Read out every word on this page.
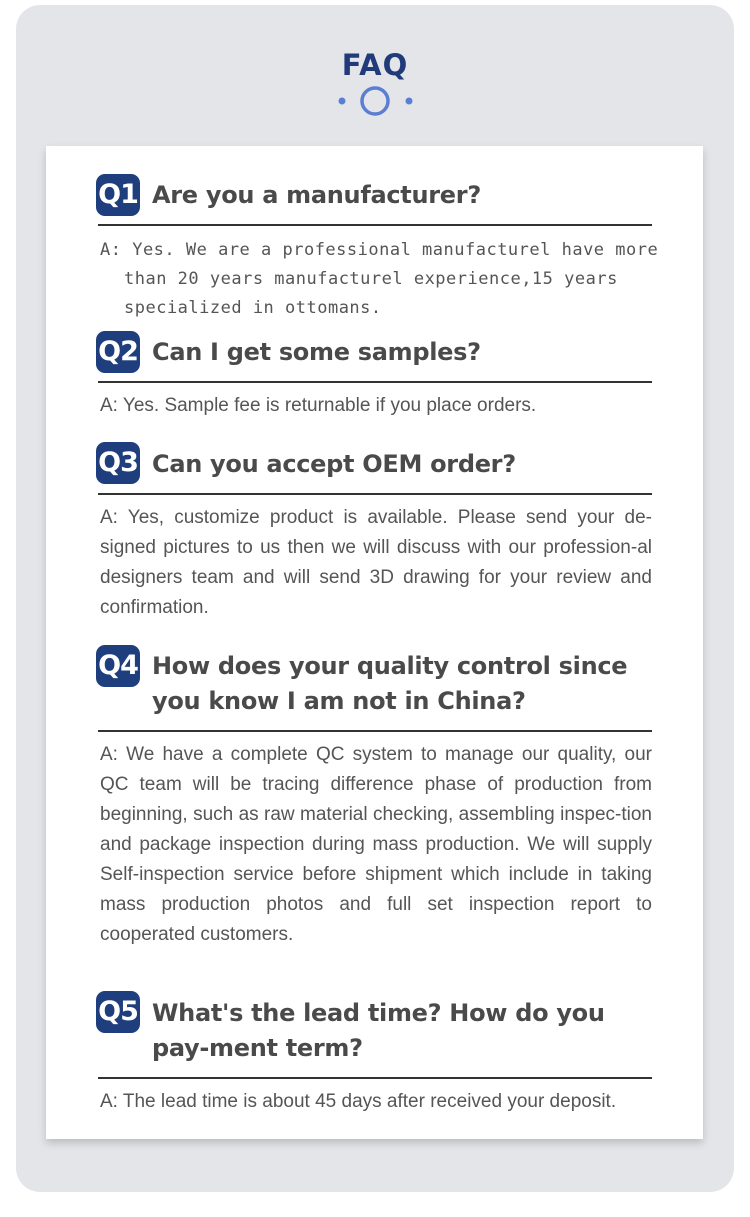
FAQ
Q1 Are you a manufacturer?
A: Yes. We are a professional manufacturel have more than 20 years manufacturel experience,15 years specialized in ottomans.
Q2 Can I get some samples?
A: Yes. Sample fee is returnable if you place orders.
Q3 Can you accept OEM order?
A: Yes, customize product is available. Please send your de-signed pictures to us then we will discuss with our profession-al designers team and will send 3D drawing for your review and confirmation.
Q4 How does your quality control since you know I am not in China?
A: We have a complete QC system to manage our quality, our QC team will be tracing difference phase of production from beginning, such as raw material checking, assembling inspec-tion and package inspection during mass production. We will supply Self-inspection service before shipment which include in taking mass production photos and full set inspection report to cooperated customers.
Q5 What's the lead time? How do you pay-ment term?
A: The lead time is about 45 days after received your deposit.
